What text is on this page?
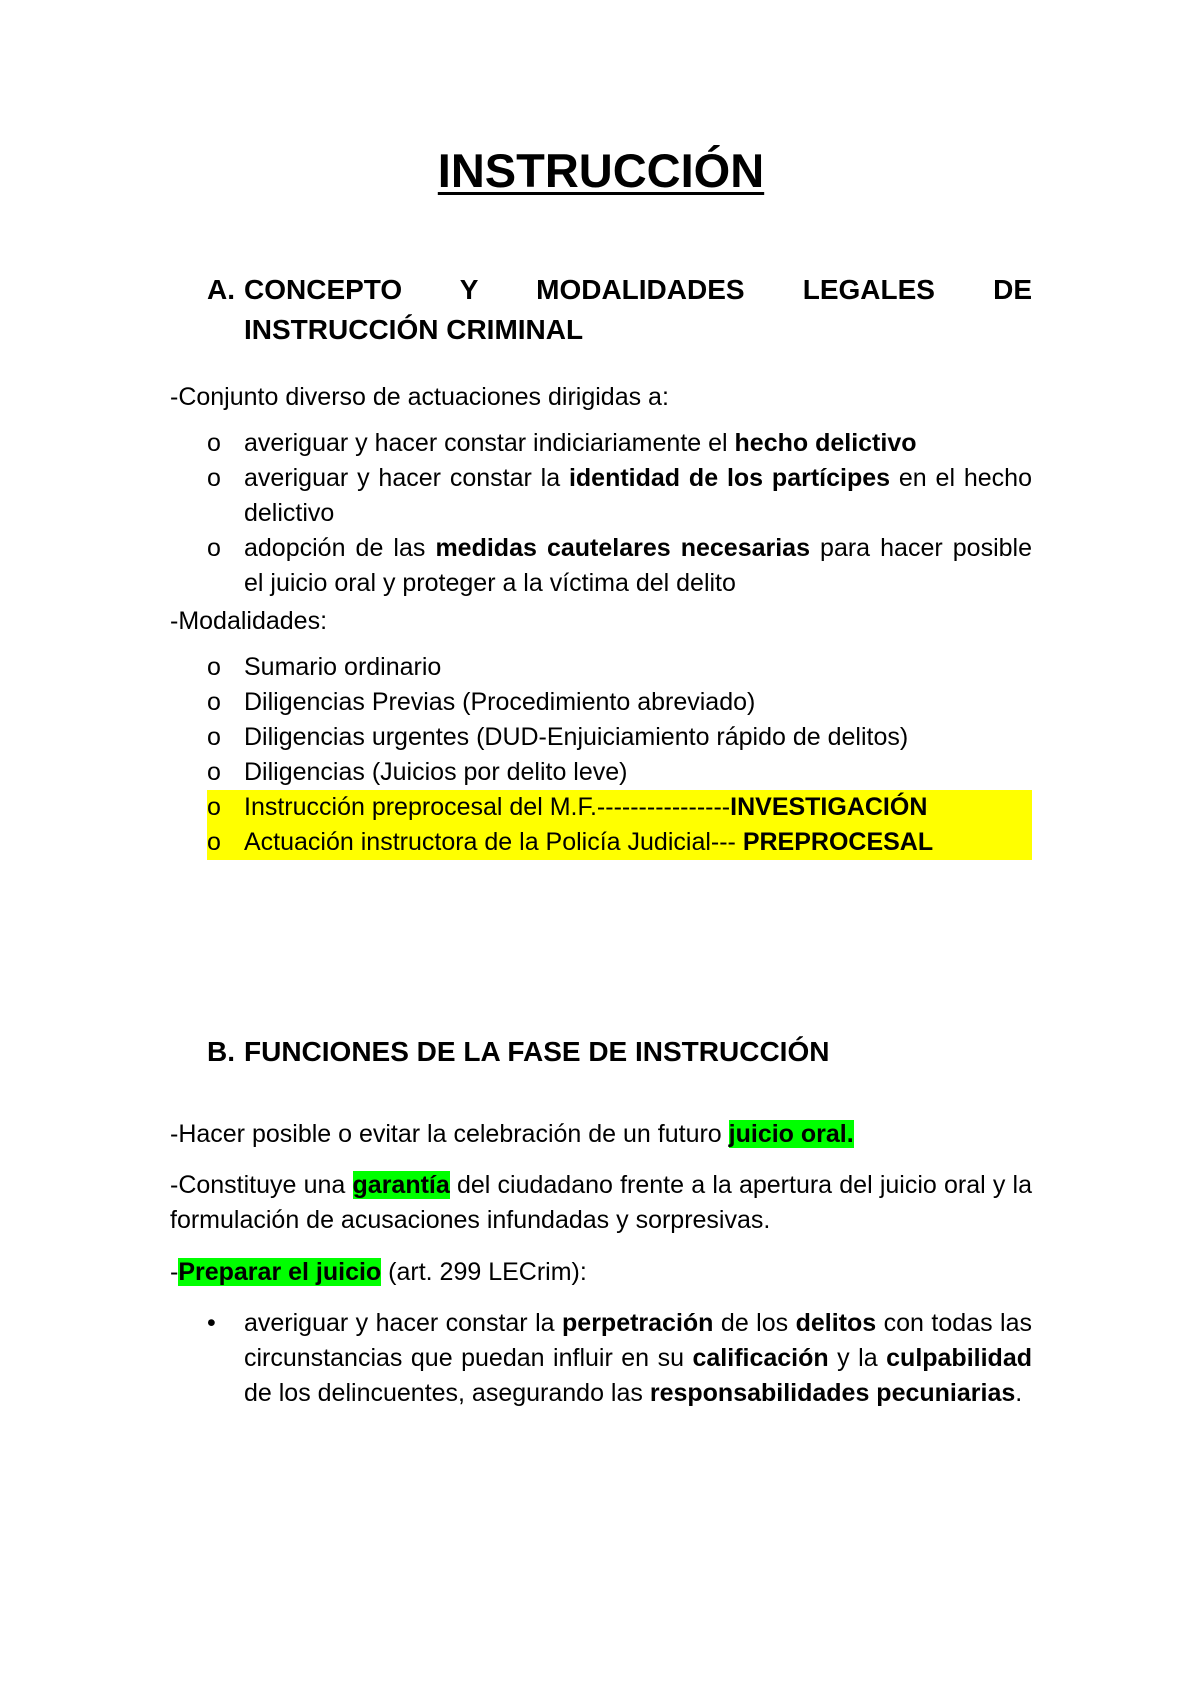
INSTRUCCIÓN
A. CONCEPTO Y MODALIDADES LEGALES DE
INSTRUCCIÓN CRIMINAL

-Conjunto diverso de actuaciones dirigidas a:

o averiguar y hacer constar indiciariamente el hecho delictivo
o averiguar y hacer constar la identidad de los partícipes en el hecho delictivo
o adopción de las medidas cautelares necesarias para hacer posible el juicio oral y proteger a la víctima del delito

-Modalidades:

o Sumario ordinario
o Diligencias Previas (Procedimiento abreviado)
o Diligencias urgentes (DUD-Enjuiciamiento rápido de delitos)
o Diligencias (Juicios por delito leve)
o Instrucción preprocesal del M.F.----------------INVESTIGACIÓN
o Actuación instructora de la Policía Judicial--- PREPROCESAL
B. FUNCIONES DE LA FASE DE INSTRUCCIÓN

-Hacer posible o evitar la celebración de un futuro juicio oral.

-Constituye una garantía del ciudadano frente a la apertura del juicio oral y la formulación de acusaciones infundadas y sorpresivas.

-Preparar el juicio (art. 299 LECrim):

• averiguar y hacer constar la perpetración de los delitos con todas las circunstancias que puedan influir en su calificación y la culpabilidad de los delincuentes, asegurando las responsabilidades pecuniarias.
